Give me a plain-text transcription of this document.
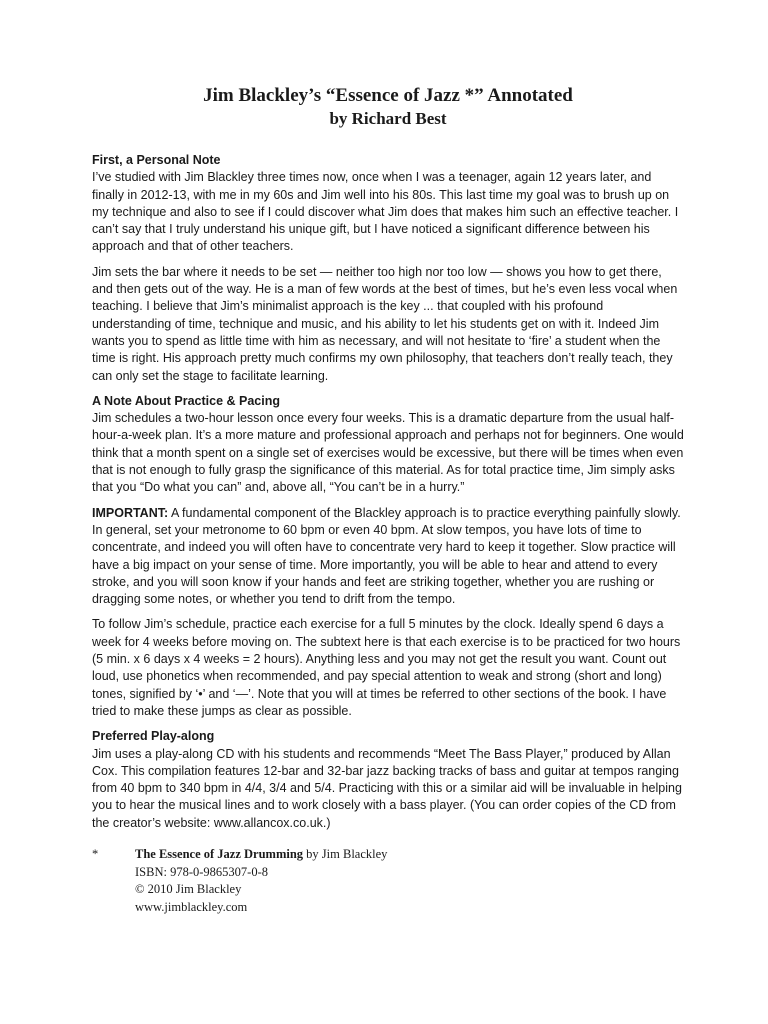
Jim Blackley’s “Essence of Jazz *” Annotated
by Richard Best
First, a Personal Note

I’ve studied with Jim Blackley three times now, once when I was a teenager, again 12 years later, and finally in 2012-13, with me in my 60s and Jim well into his 80s. This last time my goal was to brush up on my technique and also to see if I could discover what Jim does that makes him such an effective teacher. I can’t say that I truly understand his unique gift, but I have noticed a significant difference between his approach and that of other teachers.

Jim sets the bar where it needs to be set — neither too high nor too low — shows you how to get there, and then gets out of the way. He is a man of few words at the best of times, but he’s even less vocal when teaching. I believe that Jim’s minimalist approach is the key ... that coupled with his profound understanding of time, technique and music, and his ability to let his students get on with it. Indeed Jim wants you to spend as little time with him as necessary, and will not hesitate to ‘fire’ a student when the time is right. His approach pretty much confirms my own philosophy, that teachers don’t really teach, they can only set the stage to facilitate learning.

A Note About Practice & Pacing

Jim schedules a two-hour lesson once every four weeks. This is a dramatic departure from the usual half-hour-a-week plan. It’s a more mature and professional approach and perhaps not for beginners. One would think that a month spent on a single set of exercises would be excessive, but there will be times when even that is not enough to fully grasp the significance of this material. As for total practice time, Jim simply asks that you “Do what you can” and, above all, “You can’t be in a hurry.”

IMPORTANT: A fundamental component of the Blackley approach is to practice everything painfully slowly. In general, set your metronome to 60 bpm or even 40 bpm. At slow tempos, you have lots of time to concentrate, and indeed you will often have to concentrate very hard to keep it together. Slow practice will have a big impact on your sense of time. More importantly, you will be able to hear and attend to every stroke, and you will soon know if your hands and feet are striking together, whether you are rushing or dragging some notes, or whether you tend to drift from the tempo.

To follow Jim’s schedule, practice each exercise for a full 5 minutes by the clock. Ideally spend 6 days a week for 4 weeks before moving on. The subtext here is that each exercise is to be practiced for two hours (5 min. x 6 days x 4 weeks = 2 hours). Anything less and you may not get the result you want. Count out loud, use phonetics when recommended, and pay special attention to weak and strong (short and long) tones, signified by ‘•’ and ‘—’. Note that you will at times be referred to other sections of the book. I have tried to make these jumps as clear as possible.

Preferred Play-along

Jim uses a play-along CD with his students and recommends “Meet The Bass Player,” produced by Allan Cox. This compilation features 12-bar and 32-bar jazz backing tracks of bass and guitar at tempos ranging from 40 bpm to 340 bpm in 4/4, 3/4 and 5/4. Practicing with this or a similar aid will be invaluable in helping you to hear the musical lines and to work closely with a bass player. (You can order copies of the CD from the creator’s website: www.allancox.co.uk.)

*	The Essence of Jazz Drumming by Jim Blackley
ISBN: 978-0-9865307-0-8
© 2010 Jim Blackley
www.jimblackley.com
